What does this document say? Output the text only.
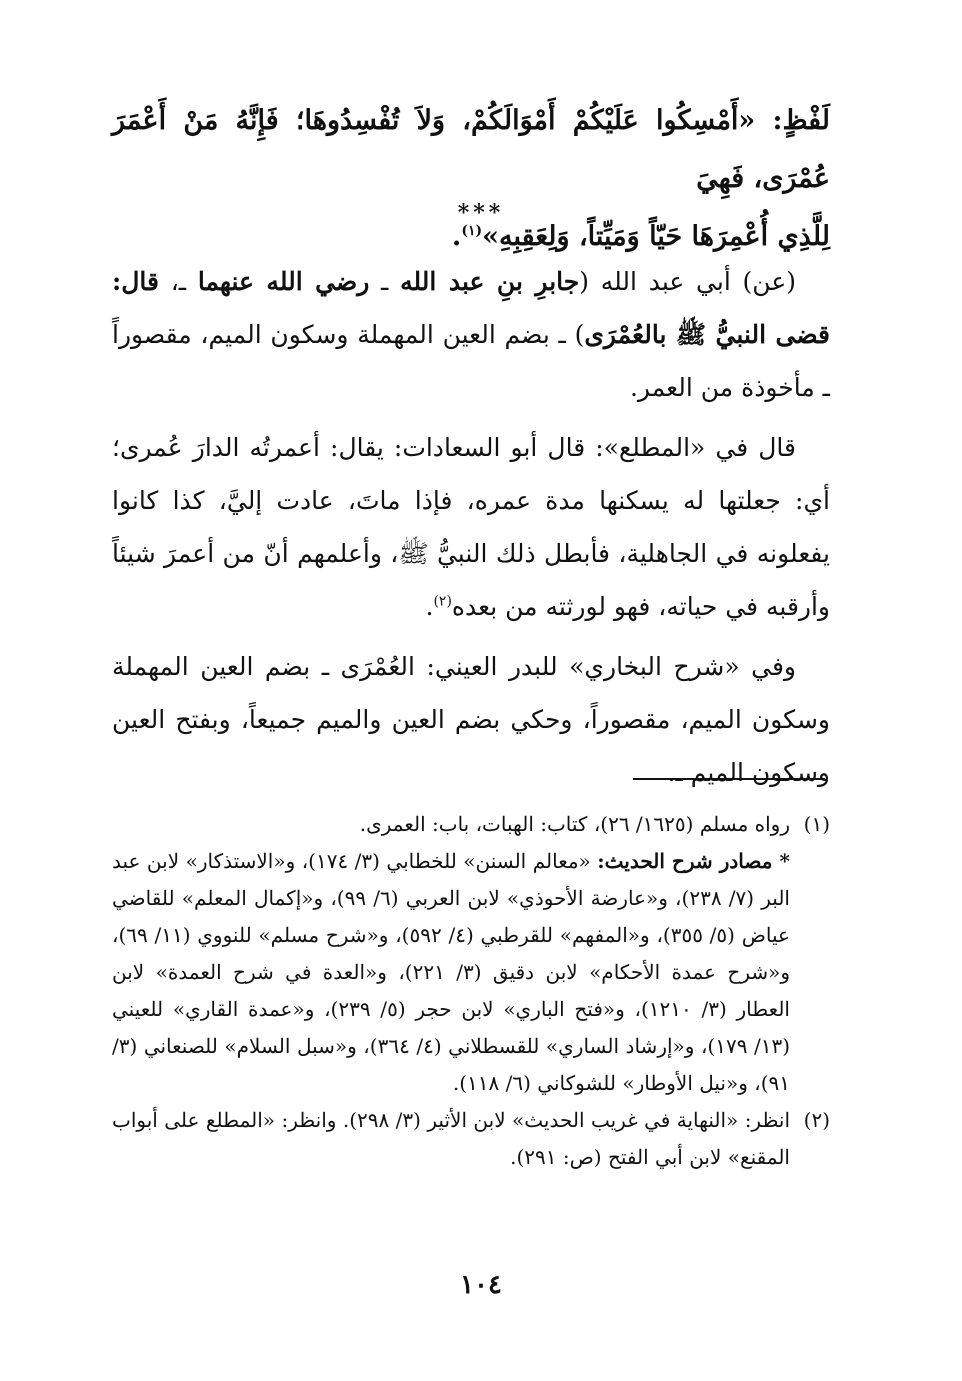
لَفْظٍ: «أَمْسِكُوا عَلَيْكُمْ أَمْوَالَكُمْ، وَلاَ تُفْسِدُوهَا؛ فَإِنَّهُ مَنْ أَعْمَرَ عُمْرَى، فَهِيَ

لِلَّذِي أُعْمِرَهَا حَيّاً وَمَيِّتاً، وَلِعَقِبِهِ»$^{(١)}$.

***

(عن) أبي عبد الله (جابرِ بنِ عبد الله ـ رضي الله عنهما ـ، قال: قضى النبيُّ ﷺ بالعُمْرَى) ـ بضم العين المهملة وسكون الميم، مقصوراً ـ مأخوذة من العمر.

قال في «المطلع»: قال أبو السعادات: يقال: أعمرتُه الدارَ عُمرى؛ أي: جعلتها له يسكنها مدة عمره، فإذا ماتَ، عادت إليَّ، كذا كانوا يفعلونه في الجاهلية، فأبطل ذلك النبيُّ ﷺ، وأعلمهم أنّ من أعمرَ شيئاً وأرقبه في حياته، فهو لورثته من بعده$^{(٢)}$.

وفي «شرح البخاري» للبدر العيني: العُمْرَى ـ بضم العين المهملة وسكون الميم، مقصوراً، وحكي بضم العين والميم جميعاً، وبفتح العين وسكون الميم ـ.

(١)

رواه مسلم (١٦٢٥/ ٢٦)، كتاب: الهبات، باب: العمرى.

* مصادر شرح الحديث: «معالم السنن» للخطابي (٣/ ١٧٤)، و«الاستذكار» لابن عبد البر (٧/ ٢٣٨)، و«عارضة الأحوذي» لابن العربي (٦/ ٩٩)، و«إكمال المعلم» للقاضي عياض (٥/ ٣٥٥)، و«المفهم» للقرطبي (٤/ ٥٩٢)، و«شرح مسلم» للنووي (١١/ ٦٩)، و«شرح عمدة الأحكام» لابن دقيق (٣/ ٢٢١)، و«العدة في شرح العمدة» لابن العطار (٣/ ١٢١٠)، و«فتح الباري» لابن حجر (٥/ ٢٣٩)، و«عمدة القاري» للعيني (١٣/ ١٧٩)، و«إرشاد الساري» للقسطلاني (٤/ ٣٦٤)، و«سبل السلام» للصنعاني (٣/ ٩١)، و«نيل الأوطار» للشوكاني (٦/ ١١٨).

(٢)

انظر: «النهاية في غريب الحديث» لابن الأثير (٣/ ٢٩٨). وانظر: «المطلع على أبواب المقنع» لابن أبي الفتح (ص: ٢٩١).

١٠٤
